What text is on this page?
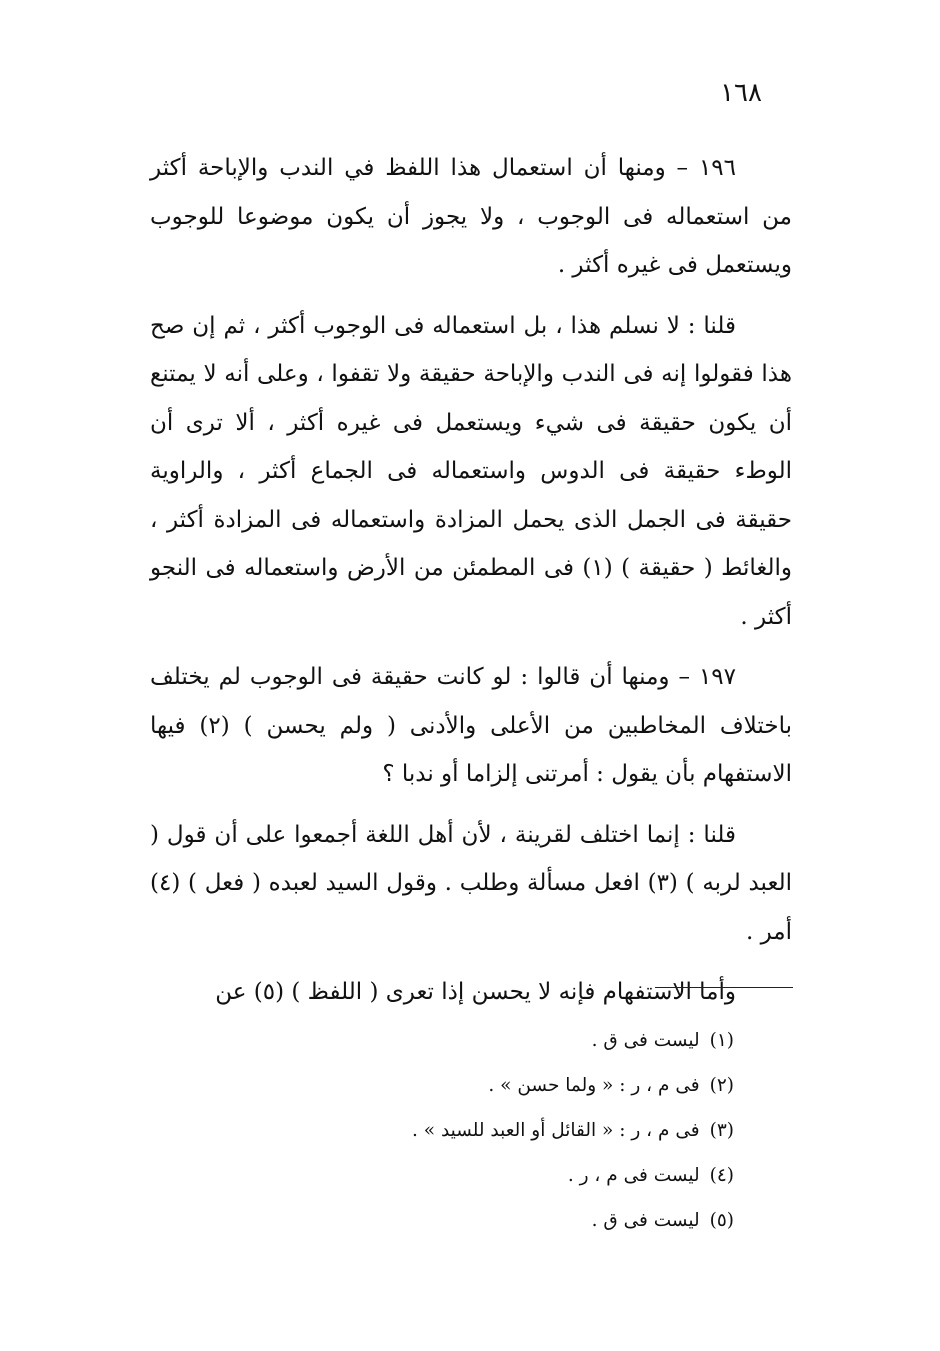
١٦٨

١٩٦ – ومنها أن استعمال هذا اللفظ في الندب والإباحة أكثر من استعماله فى الوجوب ، ولا يجوز أن يكون موضوعا للوجوب ويستعمل فى غيره أكثر .

قلنا : لا نسلم هذا ، بل استعماله فى الوجوب أكثر ، ثم إن صح هذا فقولوا إنه فى الندب والإباحة حقيقة ولا تقفوا ، وعلى أنه لا يمتنع أن يكون حقيقة فى شيء ويستعمل فى غيره أكثر ، ألا ترى أن الوطء حقيقة فى الدوس واستعماله فى الجماع أكثر ، والراوية حقيقة فى الجمل الذى يحمل المزادة واستعماله فى المزادة أكثر ، والغائط ( حقيقة ) (١) فى المطمئن من الأرض واستعماله فى النجو أكثر .

١٩٧ – ومنها أن قالوا : لو كانت حقيقة فى الوجوب لم يختلف باختلاف المخاطبين من الأعلى والأدنى ( ولم يحسن ) (٢) فيها الاستفهام بأن يقول : أمرتنى إلزاما أو ندبا ؟

قلنا : إنما اختلف لقرينة ، لأن أهل اللغة أجمعوا على أن قول ( العبد لربه ) (٣) افعل مسألة وطلب . وقول السيد لعبده ( فعل ) (٤) أمر .

وأما الاستفهام فإنه لا يحسن إذا تعرى ( اللفظ ) (٥) عن

(١)ليست فى ق .
(٢)فى م ، ر : « ولما حسن » .
(٣)فى م ، ر : « القائل أو العبد للسيد » .
(٤)ليست فى م ، ر .
(٥)ليست فى ق .
